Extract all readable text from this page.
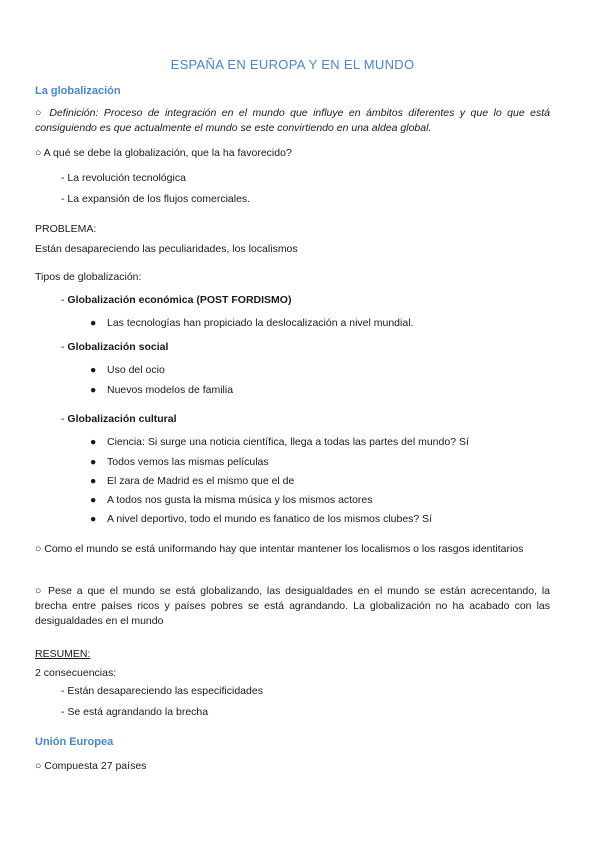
ESPAÑA EN EUROPA Y EN EL MUNDO
La globalización
○ Definición: Proceso de integración en el mundo que influye en ámbitos diferentes y que lo que está consiguiendo es que actualmente el mundo se este convirtiendo en una aldea global.
○ A qué se debe la globalización, que la ha favorecido?
- La revolución tecnológica
- La expansión de los flujos comerciales.
PROBLEMA:
Están desapareciendo las peculiaridades, los localismos
Tipos de globalización:
- Globalización económica (POST FORDISMO)
● Las tecnologías han propiciado la deslocalización a nivel mundial.
- Globalización social
● Uso del ocio
● Nuevos modelos de familia
- Globalización cultural
● Ciencia: Si surge una noticia científica, llega a todas las partes del mundo? Sí
● Todos vemos las mismas películas
● El zara de Madrid es el mismo que el de
● A todos nos gusta la misma música y los mismos actores
● A nivel deportivo, todo el mundo es fanatico de los mismos clubes? Sí
○ Como el mundo se está uniformando hay que intentar mantener los localismos o los rasgos identitarios
○ Pese a que el mundo se está globalizando, las desigualdades en el mundo se están acrecentando, la brecha entre países ricos y países pobres se está agrandando. La globalización no ha acabado con las desigualdades en el mundo
RESUMEN:
2 consecuencias:
- Están desapareciendo las especificidades
- Se está agrandando la brecha
Unión Europea
○ Compuesta 27 países
